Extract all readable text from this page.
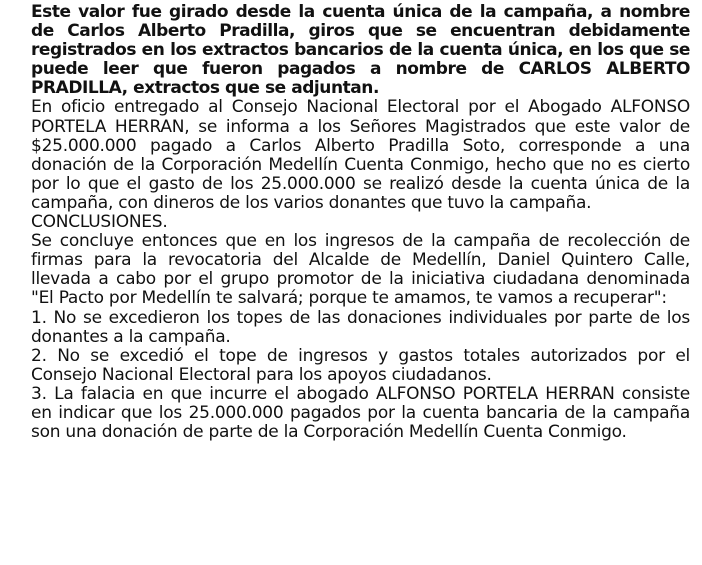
Este valor fue girado desde la cuenta única de la campaña, a nombre de Carlos Alberto Pradilla, giros que se encuentran debidamente registrados en los extractos bancarios de la cuenta única, en los que se puede leer que fueron pagados a nombre de CARLOS ALBERTO PRADILLA, extractos que se adjuntan.

En oficio entregado al Consejo Nacional Electoral por el Abogado ALFONSO PORTELA HERRAN, se informa a los Señores Magistrados que este valor de $25.000.000 pagado a Carlos Alberto Pradilla Soto, corresponde a una donación de la Corporación Medellín Cuenta Conmigo, hecho que no es cierto por lo que el gasto de los 25.000.000 se realizó desde la cuenta única de la campaña, con dineros de los varios donantes que tuvo la campaña.

CONCLUSIONES.

Se concluye entonces que en los ingresos de la campaña de recolección de firmas para la revocatoria del Alcalde de Medellín, Daniel Quintero Calle, llevada a cabo por el grupo promotor de la iniciativa ciudadana denominada "El Pacto por Medellín te salvará; porque te amamos, te vamos a recuperar":

1. No se excedieron los topes de las donaciones individuales por parte de los donantes a la campaña.

2. No se excedió el tope de ingresos y gastos totales autorizados por el Consejo Nacional Electoral para los apoyos ciudadanos.

3. La falacia en que incurre el abogado ALFONSO PORTELA HERRAN consiste en indicar que los 25.000.000 pagados por la cuenta bancaria de la campaña son una donación de parte de la Corporación Medellín Cuenta Conmigo.
